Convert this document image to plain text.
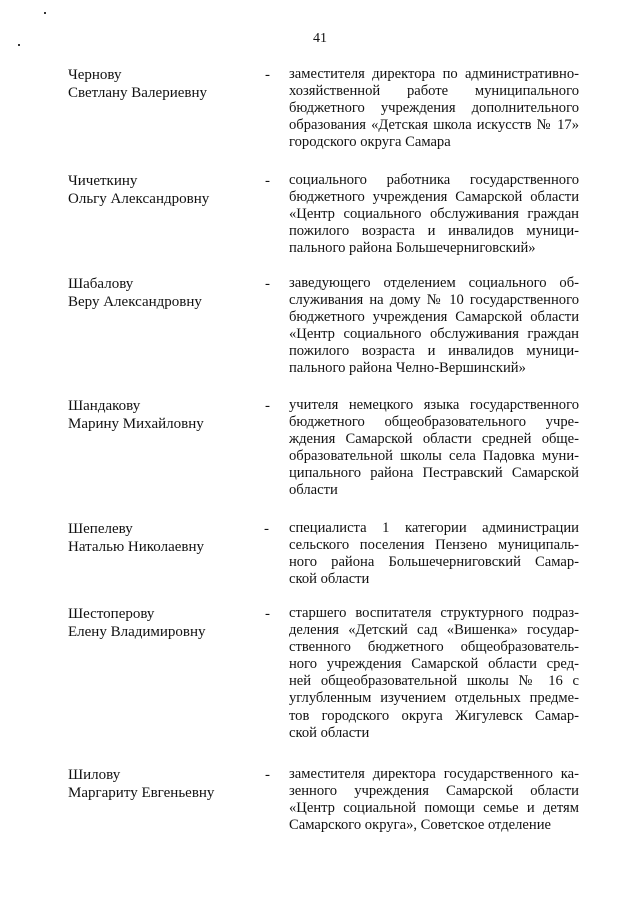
41
Чернову
Светлану Валериевну
- заместителя директора по административно-
хозяйственной работе муниципального
бюджетного учреждения дополнительного
образования «Детская школа искусств № 17»
городского округа Самара
Чичеткину
Ольгу Александровну
- социального работника государственного
бюджетного учреждения Самарской области
«Центр социального обслуживания граждан
пожилого возраста и инвалидов муници-
пального района Большечерниговский»
Шабалову
Веру Александровну
- заведующего отделением социального об-
служивания на дому № 10 государственного
бюджетного учреждения Самарской области
«Центр социального обслуживания граждан
пожилого возраста и инвалидов муници-
пального района Челно-Вершинский»
Шандакову
Марину Михайловну
- учителя немецкого языка государственного
бюджетного общеобразовательного учре-
ждения Самарской области средней обще-
образовательной школы села Падовка муни-
ципального района Пестравский Самарской
области
Шепелеву
Наталью Николаевну
- специалиста 1 категории администрации
сельского поселения Пензено муниципаль-
ного района Большечерниговский Самар-
ской области
Шестоперову
Елену Владимировну
- старшего воспитателя структурного подраз-
деления «Детский сад «Вишенка» государ-
ственного бюджетного общеобразователь-
ного учреждения Самарской области сред-
ней общеобразовательной школы № 16 с
углубленным изучением отдельных предме-
тов городского округа Жигулевск Самар-
ской области
Шилову
Маргариту Евгеньевну
- заместителя директора государственного ка-
зенного учреждения Самарской области
«Центр социальной помощи семье и детям
Самарского округа», Советское отделение
